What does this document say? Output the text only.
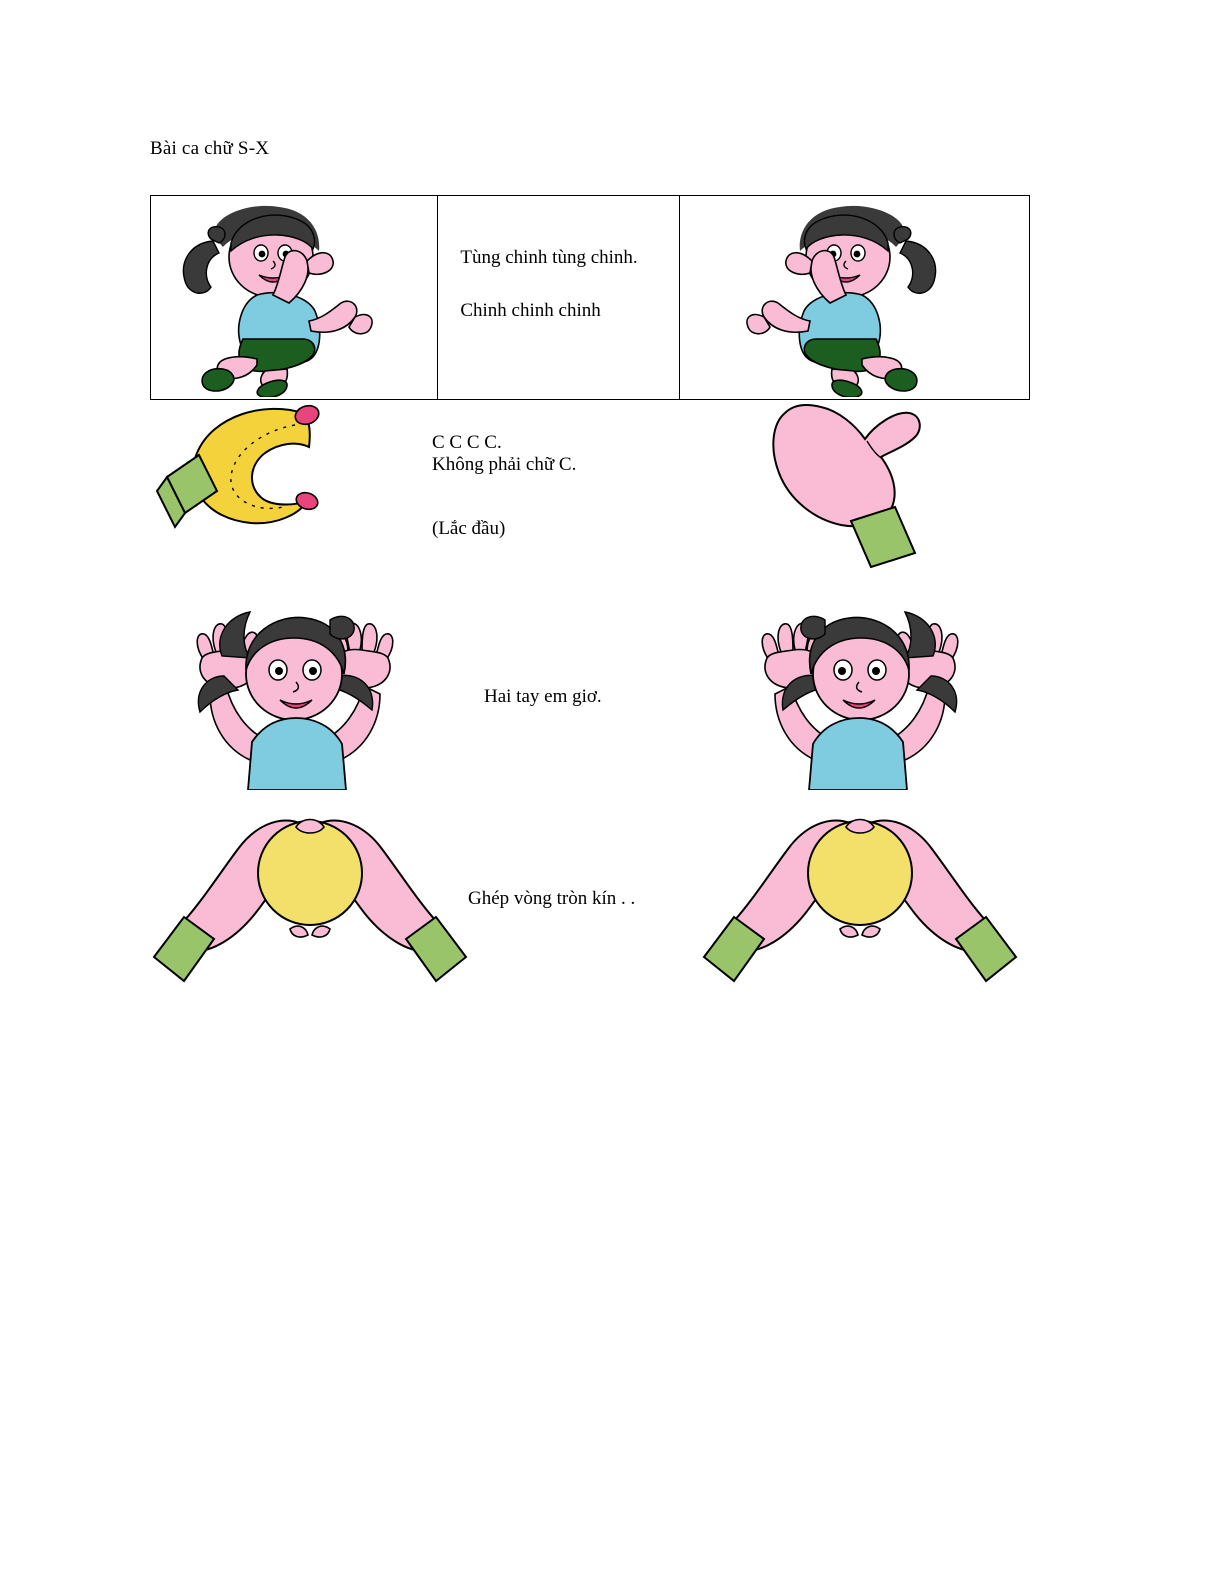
Bài ca chữ S-X
Tùng chinh tùng chinh.
Chinh chinh chinh
C C C C.
Không phải chữ C.
(Lắc đầu)
Hai tay em giơ.
Ghép vòng tròn kín . .
